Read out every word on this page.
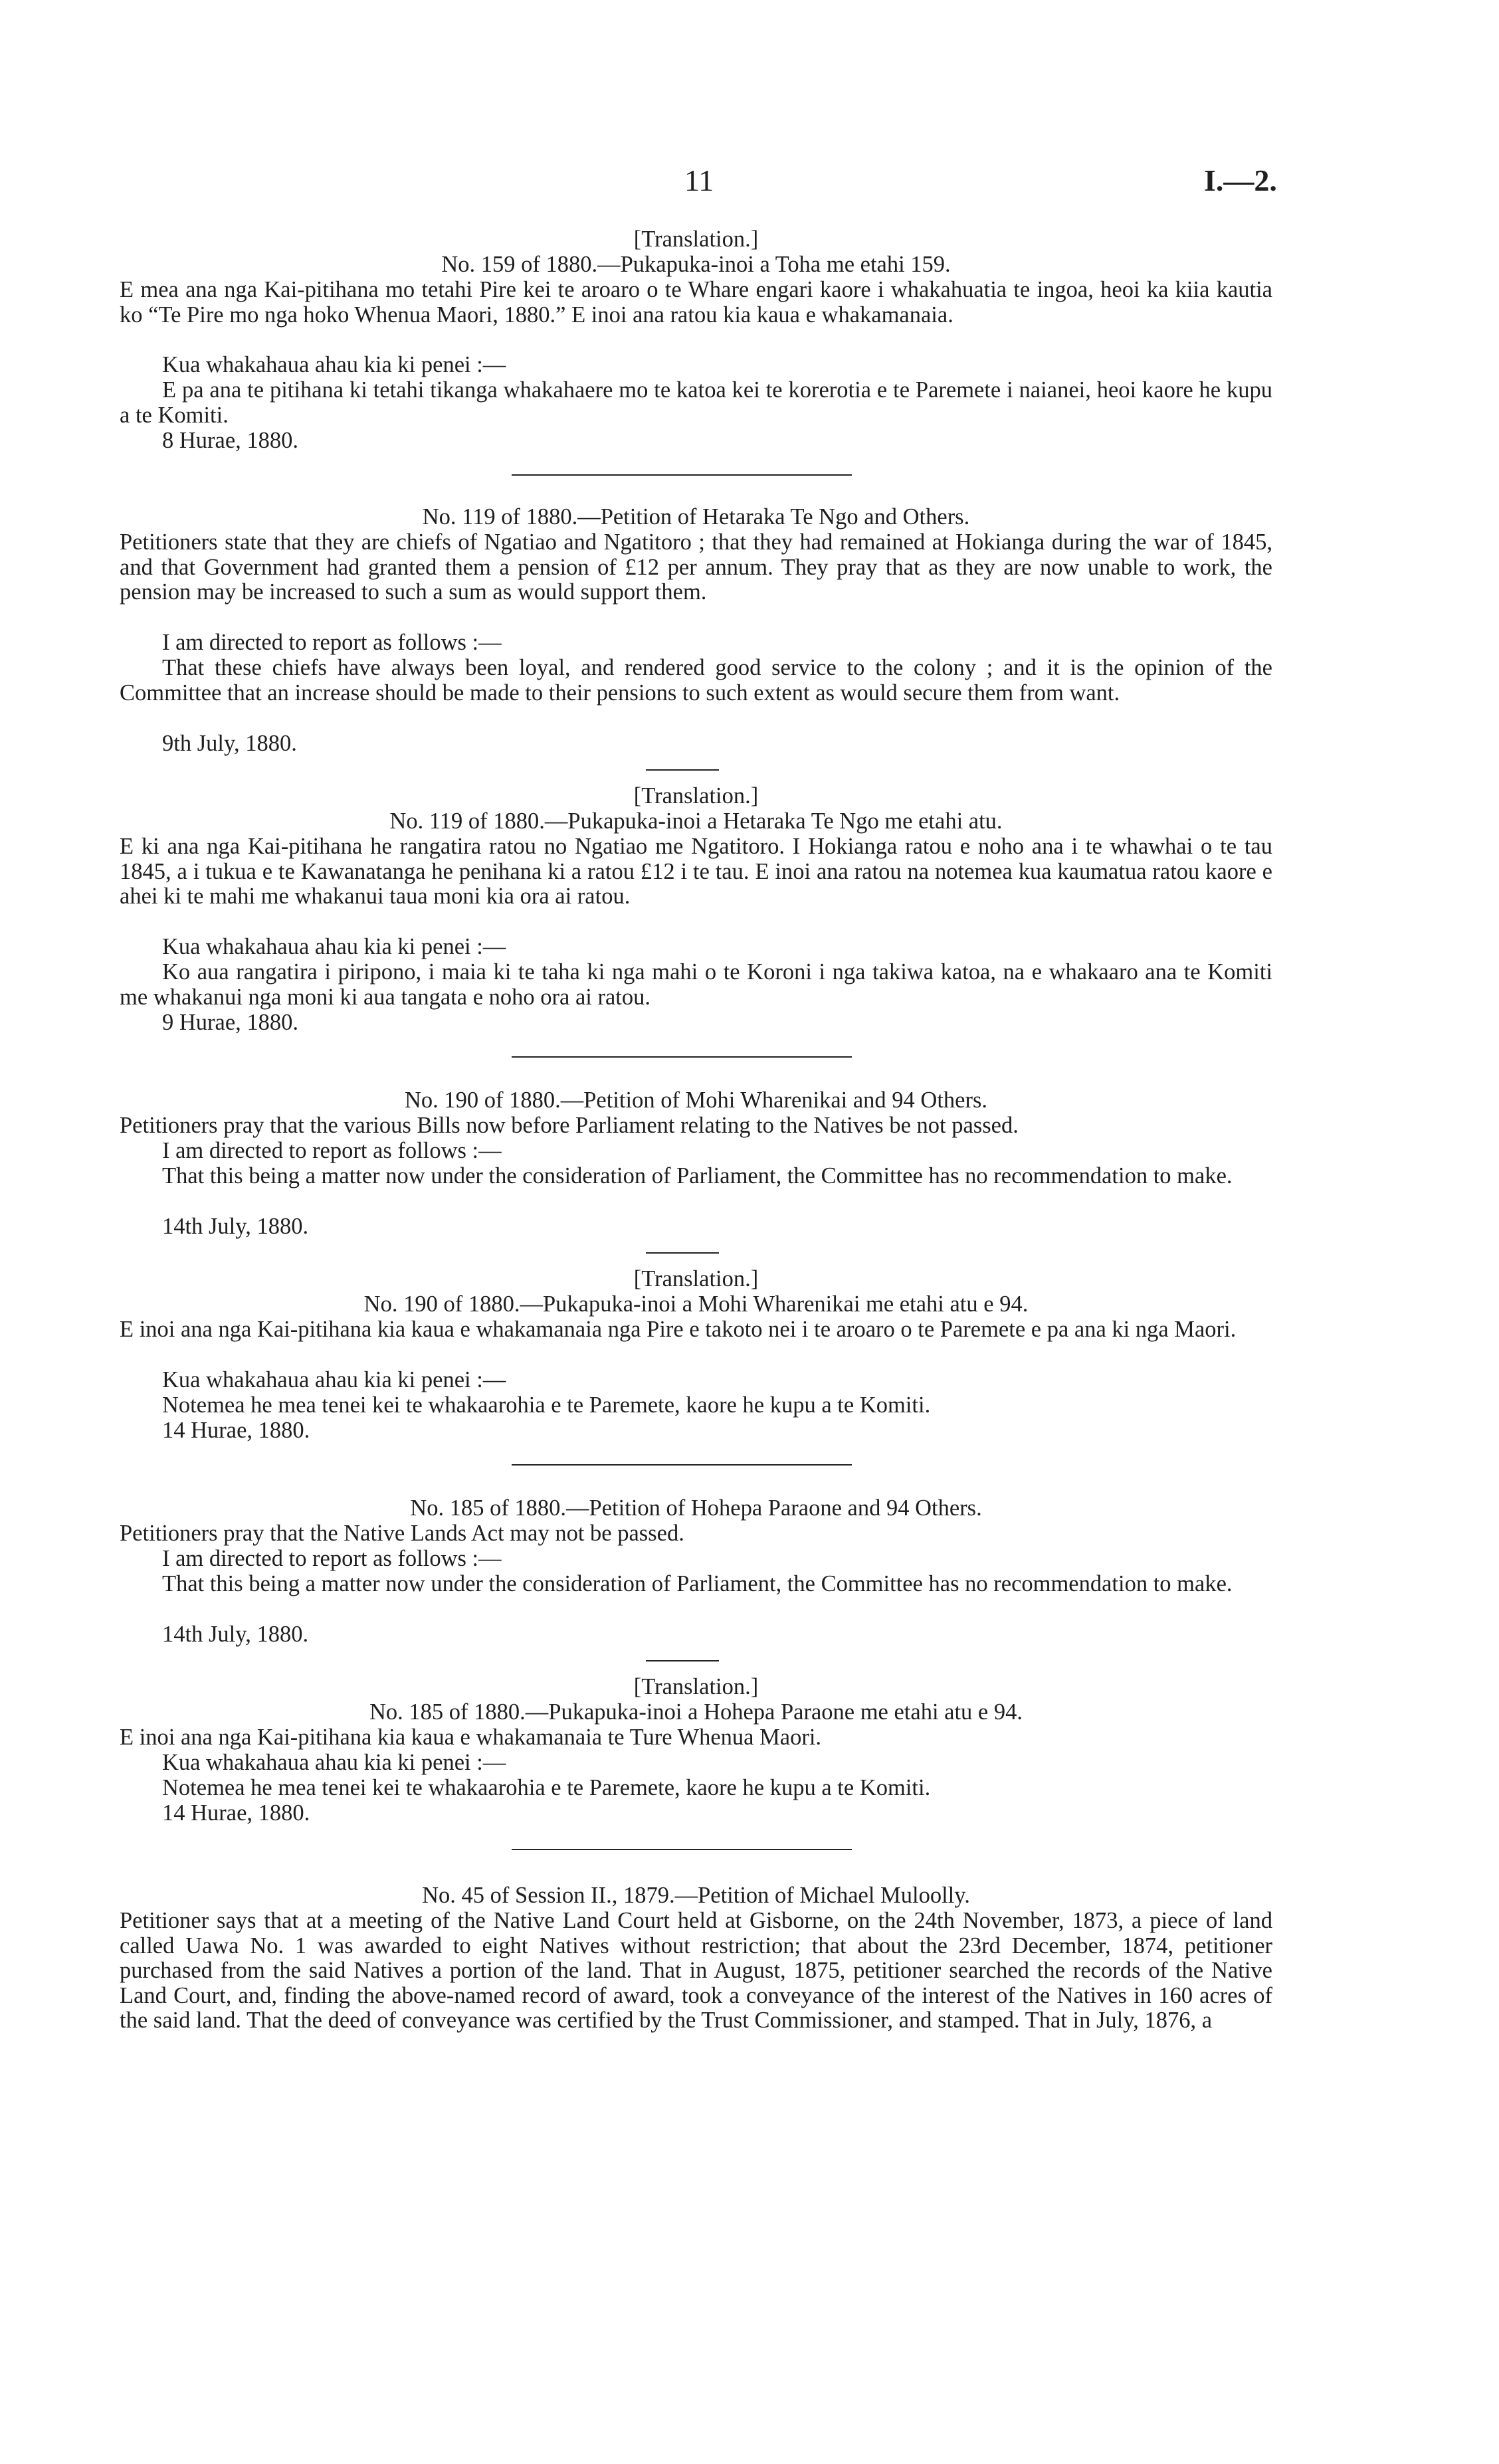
11	I.—2.
[Translation.]
No. 159 of 1880.—Pukapuka-inoi a Toha me etahi 159.
E mea ana nga Kai-pitihana mo tetahi Pire kei te aroaro o te Whare engari kaore i whakahuatia te ingoa, heoi ka kiia kautia ko “Te Pire mo nga hoko Whenua Maori, 1880.” E inoi ana ratou kia kaua e whakamanaia.
Kua whakahaua ahau kia ki penei :—
E pa ana te pitihana ki tetahi tikanga whakahaere mo te katoa kei te korerotia e te Paremete i naianei, heoi kaore he kupu a te Komiti.
8 Hurae, 1880.
No. 119 of 1880.—Petition of Hetaraka Te Ngo and Others.
Petitioners state that they are chiefs of Ngatiao and Ngatitoro ; that they had remained at Hokianga during the war of 1845, and that Government had granted them a pension of £12 per annum. They pray that as they are now unable to work, the pension may be increased to such a sum as would support them.
I am directed to report as follows :—
That these chiefs have always been loyal, and rendered good service to the colony ; and it is the opinion of the Committee that an increase should be made to their pensions to such extent as would secure them from want.
9th July, 1880.
[Translation.]
No. 119 of 1880.—Pukapuka-inoi a Hetaraka Te Ngo me etahi atu.
E ki ana nga Kai-pitihana he rangatira ratou no Ngatiao me Ngatitoro. I Hokianga ratou e noho ana i te whawhai o te tau 1845, a i tukua e te Kawanatanga he penihana ki a ratou £12 i te tau. E inoi ana ratou na notemea kua kaumatua ratou kaore e ahei ki te mahi me whakanui taua moni kia ora ai ratou.
Kua whakahaua ahau kia ki penei :—
Ko aua rangatira i piripono, i maia ki te taha ki nga mahi o te Koroni i nga takiwa katoa, na e whakaaro ana te Komiti me whakanui nga moni ki aua tangata e noho ora ai ratou.
9 Hurae, 1880.
No. 190 of 1880.—Petition of Mohi Wharenikai and 94 Others.
Petitioners pray that the various Bills now before Parliament relating to the Natives be not passed.
I am directed to report as follows :—
That this being a matter now under the consideration of Parliament, the Committee has no recommendation to make.
14th July, 1880.
[Translation.]
No. 190 of 1880.—Pukapuka-inoi a Mohi Wharenikai me etahi atu e 94.
E inoi ana nga Kai-pitihana kia kaua e whakamanaia nga Pire e takoto nei i te aroaro o te Paremete e pa ana ki nga Maori.
Kua whakahaua ahau kia ki penei :—
Notemea he mea tenei kei te whakaarohia e te Paremete, kaore he kupu a te Komiti.
14 Hurae, 1880.
No. 185 of 1880.—Petition of Hohepa Paraone and 94 Others.
Petitioners pray that the Native Lands Act may not be passed.
I am directed to report as follows :—
That this being a matter now under the consideration of Parliament, the Committee has no recommendation to make.
14th July, 1880.
[Translation.]
No. 185 of 1880.—Pukapuka-inoi a Hohepa Paraone me etahi atu e 94.
E inoi ana nga Kai-pitihana kia kaua e whakamanaia te Ture Whenua Maori.
Kua whakahaua ahau kia ki penei :—
Notemea he mea tenei kei te whakaarohia e te Paremete, kaore he kupu a te Komiti.
14 Hurae, 1880.
No. 45 of Session II., 1879.—Petition of Michael Muloolly.
Petitioner says that at a meeting of the Native Land Court held at Gisborne, on the 24th November, 1873, a piece of land called Uawa No. 1 was awarded to eight Natives without restriction; that about the 23rd December, 1874, petitioner purchased from the said Natives a portion of the land. That in August, 1875, petitioner searched the records of the Native Land Court, and, finding the above-named record of award, took a conveyance of the interest of the Natives in 160 acres of the said land. That the deed of conveyance was certified by the Trust Commissioner, and stamped. That in July, 1876, a
